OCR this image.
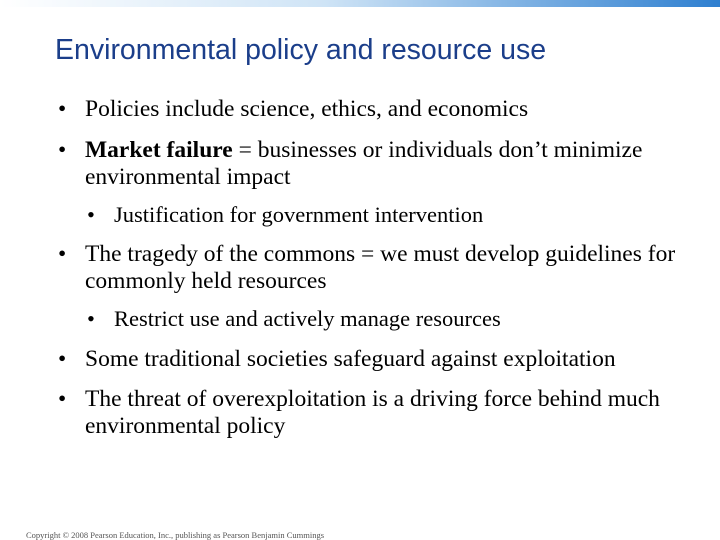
Environmental policy and resource use
• Policies include science, ethics, and economics
• Market failure = businesses or individuals don’t minimize environmental impact
• Justification for government intervention
• The tragedy of the commons = we must develop guidelines for commonly held resources
• Restrict use and actively manage resources
• Some traditional societies safeguard against exploitation
• The threat of overexploitation is a driving force behind much environmental policy
Copyright © 2008 Pearson Education, Inc., publishing as Pearson Benjamin Cummings
